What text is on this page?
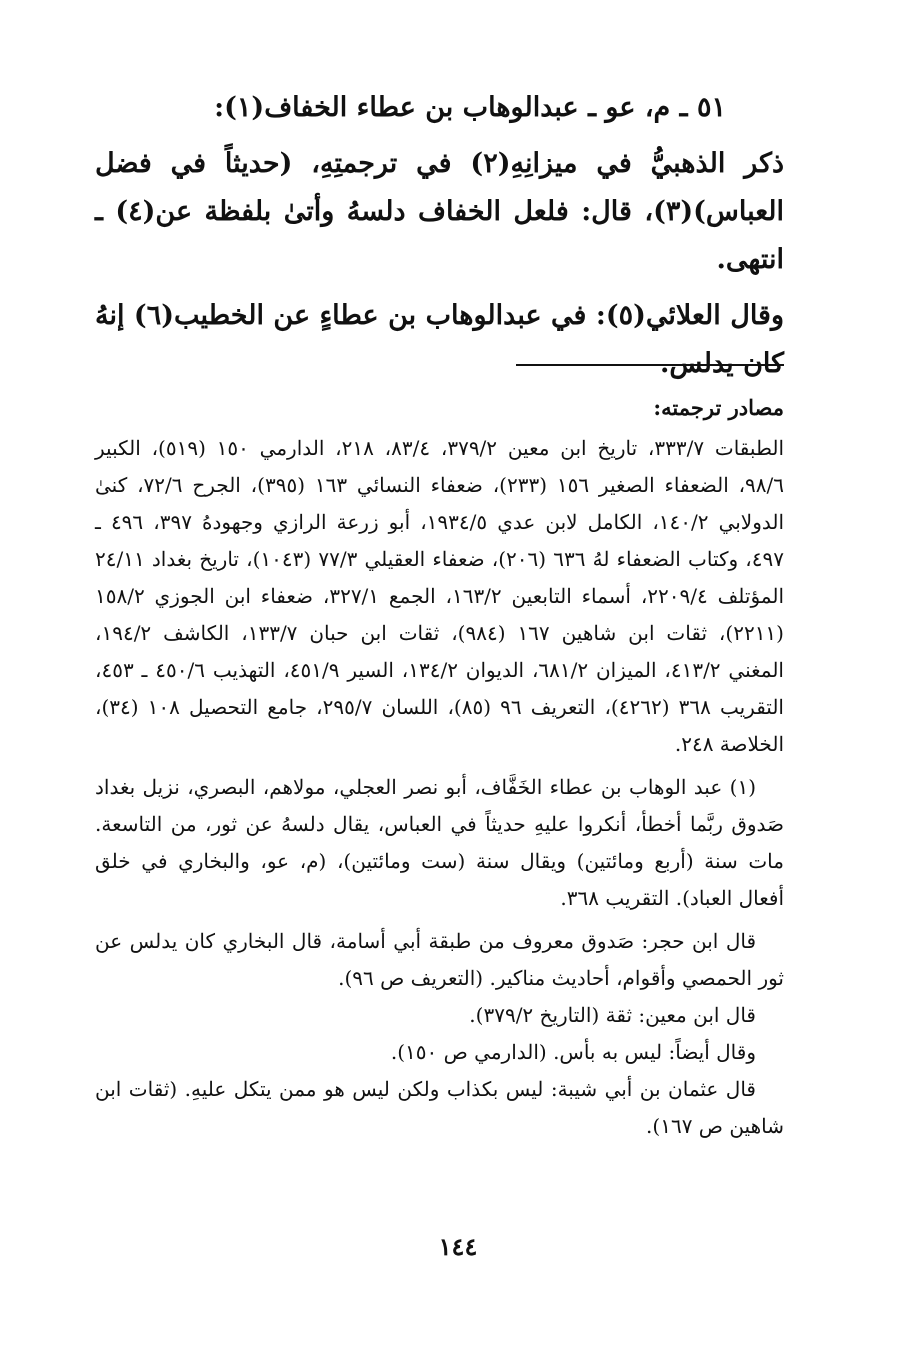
٥١ ـ م، عو ـ عبدالوهاب بن عطاء الخفاف(١):

ذكر الذهبيُّ في ميزانِهِ(٢) في ترجمتِهِ، (حديثاً في فضل العباس)(٣)، قال: فلعل الخفاف دلسهُ وأتىٰ بلفظة عن(٤) ـ انتهى.

وقال العلائي(٥): في عبدالوهاب بن عطاءٍ عن الخطيب(٦) إنهُ كان يدلس.

مصادر ترجمته:

الطبقات ٣٣٣/٧، تاريخ ابن معين ٣٧٩/٢، ٨٣/٤، ٢١٨، الدارمي ١٥٠ (٥١٩)، الكبير ٩٨/٦، الضعفاء الصغير ١٥٦ (٢٣٣)، ضعفاء النسائي ١٦٣ (٣٩٥)، الجرح ٧٢/٦، كنىٰ الدولابي ١٤٠/٢، الكامل لابن عدي ١٩٣٤/٥، أبو زرعة الرازي وجهودهُ ٣٩٧، ٤٩٦ ـ ٤٩٧، وكتاب الضعفاء لهُ ٦٣٦ (٢٠٦)، ضعفاء العقيلي ٧٧/٣ (١٠٤٣)، تاريخ بغداد ٢٤/١١ المؤتلف ٢٢٠٩/٤، أسماء التابعين ١٦٣/٢، الجمع ٣٢٧/١، ضعفاء ابن الجوزي ١٥٨/٢ (٢٢١١)، ثقات ابن شاهين ١٦٧ (٩٨٤)، ثقات ابن حبان ١٣٣/٧، الكاشف ١٩٤/٢، المغني ٤١٣/٢، الميزان ٦٨١/٢، الديوان ١٣٤/٢، السير ٤٥١/٩، التهذيب ٤٥٠/٦ ـ ٤٥٣، التقريب ٣٦٨ (٤٢٦٢)، التعريف ٩٦ (٨٥)، اللسان ٢٩٥/٧، جامع التحصيل ١٠٨ (٣٤)، الخلاصة ٢٤٨.

(١) عبد الوهاب بن عطاء الخَفَّاف، أبو نصر العجلي، مولاهم، البصري، نزيل بغداد صَدوق ربَّما أخطأ، أنكروا عليهِ حديثاً في العباس، يقال دلسهُ عن ثور، من التاسعة. مات سنة (أربع ومائتين) ويقال سنة (ست ومائتين)، (م، عو، والبخاري في خلق أفعال العباد). التقريب ٣٦٨.

قال ابن حجر: صَدوق معروف من طبقة أبي أسامة، قال البخاري كان يدلس عن ثور الحمصي وأقوام، أحاديث مناكير. (التعريف ص ٩٦).

قال ابن معين: ثقة (التاريخ ٣٧٩/٢).

وقال أيضاً: ليس به بأس. (الدارمي ص ١٥٠).

قال عثمان بن أبي شيبة: ليس بكذاب ولكن ليس هو ممن يتكل عليهِ. (ثقات ابن شاهين ص ١٦٧).

١٤٤
